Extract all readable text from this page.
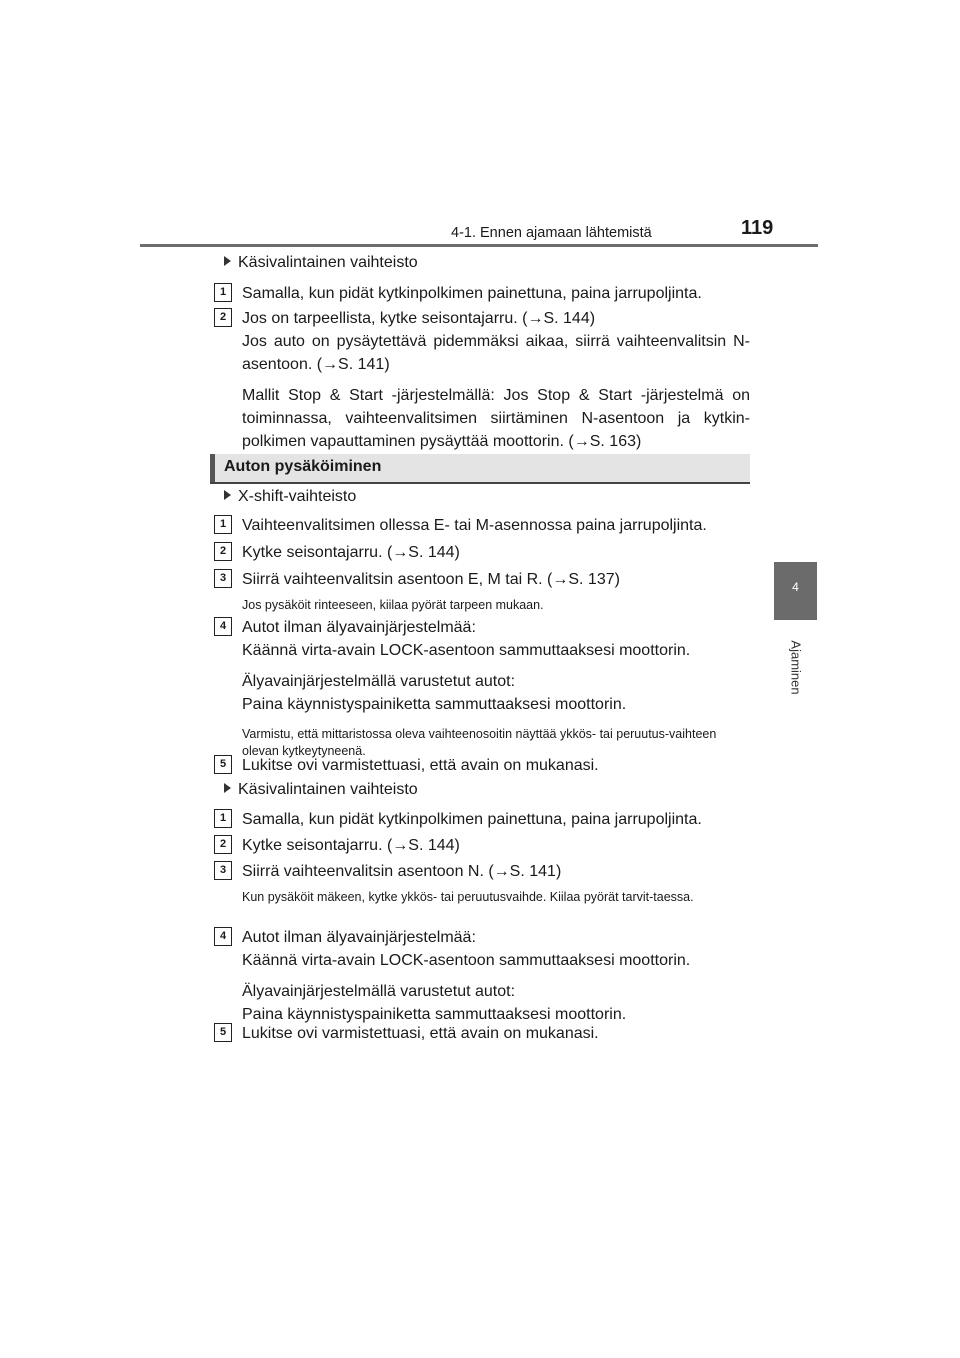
4-1. Ennen ajamaan lähtemistä	119
4
Ajaminen
Käsivalintainen vaihteisto
1 Samalla, kun pidät kytkinpolkimen painettuna, paina jarrupoljinta.
2 Jos on tarpeellista, kytke seisontajarru. (→S. 144)
Jos auto on pysäytettävä pidemmäksi aikaa, siirrä vaihteenvalitsin N-asentoon. (→S. 141)
Mallit Stop & Start -järjestelmällä: Jos Stop & Start -järjestelmä on toiminnassa, vaihteenvalitsimen siirtäminen N-asentoon ja kytkin-polkimen vapauttaminen pysäyttää moottorin. (→S. 163)
Auton pysäköiminen
X-shift-vaihteisto
1 Vaihteenvalitsimen ollessa E- tai M-asennossa paina jarrupoljinta.
2 Kytke seisontajarru. (→S. 144)
3 Siirrä vaihteenvalitsin asentoon E, M tai R. (→S. 137)
Jos pysäköit rinteeseen, kiilaa pyörät tarpeen mukaan.
4 Autot ilman älyavainjärjestelmää:
Käännä virta-avain LOCK-asentoon sammuttaaksesi moottorin.
Älyavainjärjestelmällä varustetut autot:
Paina käynnistyspainiketta sammuttaaksesi moottorin.
Varmistu, että mittaristossa oleva vaihteenosoitin näyttää ykkös- tai peruutus-vaihteen olevan kytkeytyneenä.
5 Lukitse ovi varmistettuasi, että avain on mukanasi.
Käsivalintainen vaihteisto
1 Samalla, kun pidät kytkinpolkimen painettuna, paina jarrupoljinta.
2 Kytke seisontajarru. (→S. 144)
3 Siirrä vaihteenvalitsin asentoon N. (→S. 141)
Kun pysäköit mäkeen, kytke ykkös- tai peruutusvaihde. Kiilaa pyörät tarvit-taessa.
4 Autot ilman älyavainjärjestelmää:
Käännä virta-avain LOCK-asentoon sammuttaaksesi moottorin.
Älyavainjärjestelmällä varustetut autot:
Paina käynnistyspainiketta sammuttaaksesi moottorin.
5 Lukitse ovi varmistettuasi, että avain on mukanasi.
